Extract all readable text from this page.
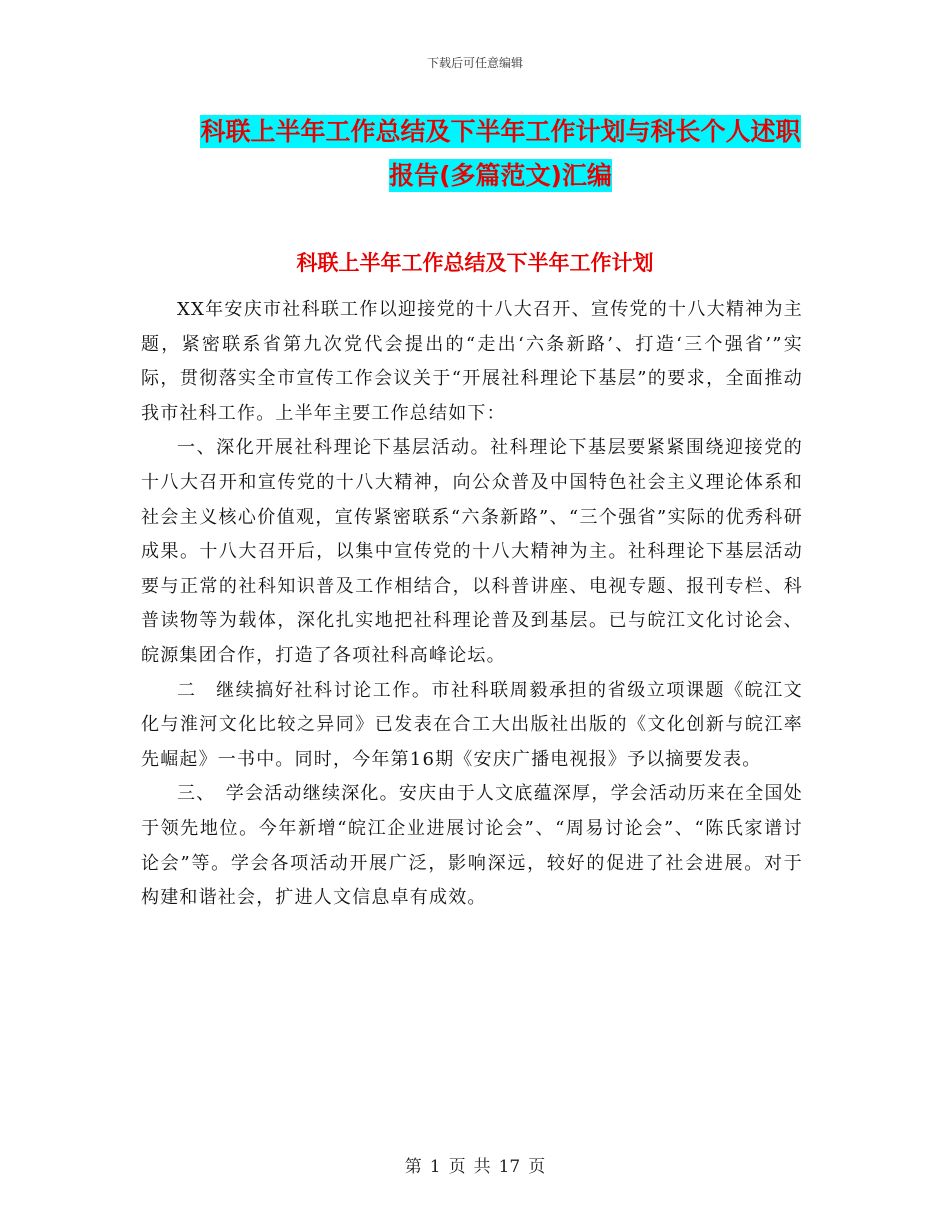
下载后可任意编辑
科联上半年工作总结及下半年工作计划与科长个人述职报告(多篇范文)汇编
科联上半年工作总结及下半年工作计划

XX年安庆市社科联工作以迎接党的十八大召开、宣传党的十八大精神为主题，紧密联系省第九次党代会提出的“走出‘六条新路’、打造‘三个强省’”实际，贯彻落实全市宣传工作会议关于“开展社科理论下基层”的要求，全面推动我市社科工作。上半年主要工作总结如下：

一、深化开展社科理论下基层活动。社科理论下基层要紧紧围绕迎接党的十八大召开和宣传党的十八大精神，向公众普及中国特色社会主义理论体系和社会主义核心价值观，宣传紧密联系“六条新路”、“三个强省”实际的优秀科研成果。十八大召开后，以集中宣传党的十八大精神为主。社科理论下基层活动要与正常的社科知识普及工作相结合，以科普讲座、电视专题、报刊专栏、科普读物等为载体，深化扎实地把社科理论普及到基层。已与皖江文化讨论会、皖源集团合作，打造了各项社科高峰论坛。

二　继续搞好社科讨论工作。市社科联周毅承担的省级立项课题《皖江文化与淮河文化比较之异同》已发表在合工大出版社出版的《文化创新与皖江率先崛起》一书中。同时，今年第16期《安庆广播电视报》予以摘要发表。

三、　学会活动继续深化。安庆由于人文底蕴深厚，学会活动历来在全国处于领先地位。今年新增“皖江企业进展讨论会”、“周易讨论会”、“陈氏家谱讨论会”等。学会各项活动开展广泛，影响深远，较好的促进了社会进展。对于构建和谐社会，扩进人文信息卓有成效。

第 1 页 共 17 页
